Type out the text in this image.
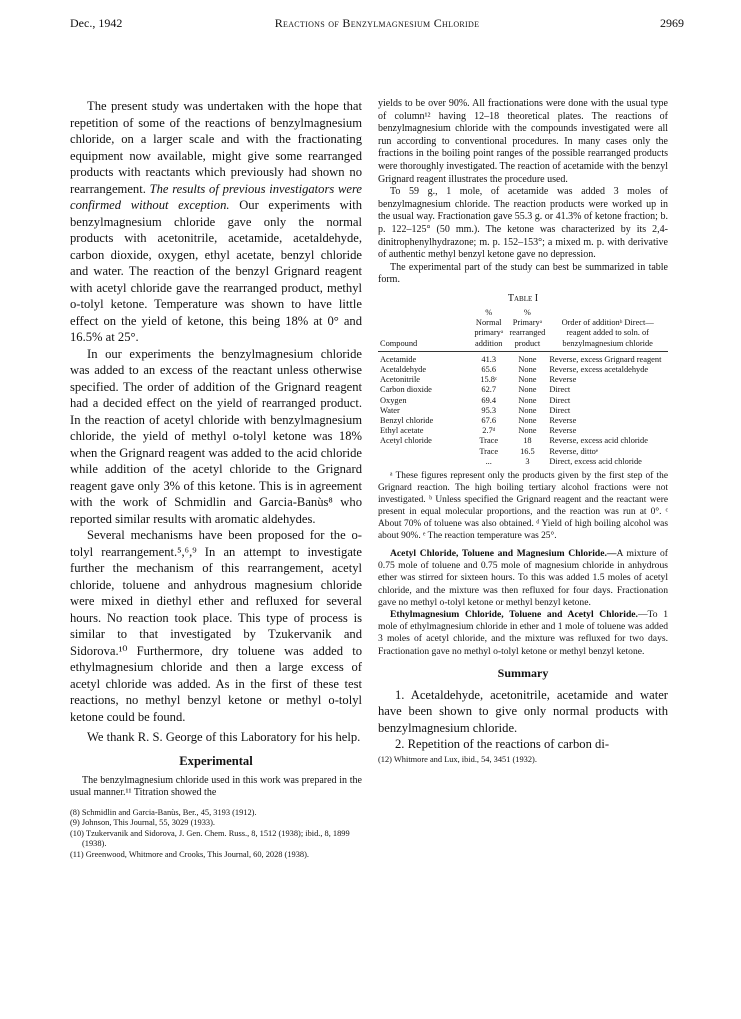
Dec., 1942	Reactions of Benzylmagnesium Chloride	2969

The present study was undertaken with the hope that repetition of some of the reactions of benzylmagnesium chloride, on a larger scale and with the fractionating equipment now available, might give some rearranged products with reactants which previously had shown no rearrangement. The results of previous investigators were confirmed without exception. Our experiments with benzylmagnesium chloride gave only the normal products with acetonitrile, acetamide, acetaldehyde, carbon dioxide, oxygen, ethyl acetate, benzyl chloride and water. The reaction of the benzyl Grignard reagent with acetyl chloride gave the rearranged product, methyl o-tolyl ketone. Temperature was shown to have little effect on the yield of ketone, this being 18% at 0° and 16.5% at 25°.

In our experiments the benzylmagnesium chloride was added to an excess of the reactant unless otherwise specified. The order of addition of the Grignard reagent had a decided effect on the yield of rearranged product. In the reaction of acetyl chloride with benzylmagnesium chloride, the yield of methyl o-tolyl ketone was 18% when the Grignard reagent was added to the acid chloride while addition of the acetyl chloride to the Grignard reagent gave only 3% of this ketone. This is in agreement with the work of Schmidlin and Garcia-Banùs⁸ who reported similar results with aromatic aldehydes.

Several mechanisms have been proposed for the o-tolyl rearrangement.⁵,⁶,⁹ In an attempt to investigate further the mechanism of this rearrangement, acetyl chloride, toluene and anhydrous magnesium chloride were mixed in diethyl ether and refluxed for several hours. No reaction took place. This type of process is similar to that investigated by Tzukervanik and Sidorova.¹⁰ Furthermore, dry toluene was added to ethylmagnesium chloride and then a large excess of acetyl chloride was added. As in the first of these test reactions, no methyl benzyl ketone or methyl o-tolyl ketone could be found.

We thank R. S. George of this Laboratory for his help.

Experimental

The benzylmagnesium chloride used in this work was prepared in the usual manner.¹¹ Titration showed the

(8) Schmidlin and Garcia-Banùs, Ber., 45, 3193 (1912).
(9) Johnson, This Journal, 55, 3029 (1933).
(10) Tzukervanik and Sidorova, J. Gen. Chem. Russ., 8, 1512 (1938); ibid., 8, 1899 (1938).
(11) Greenwood, Whitmore and Crooks, This Journal, 60, 2028 (1938).

yields to be over 90%. All fractionations were done with the usual type of column¹² having 12–18 theoretical plates. The reactions of benzylmagnesium chloride with the compounds investigated were all run according to conventional procedures. In many cases only the fractions in the boiling point ranges of the possible rearranged products were thoroughly investigated. The reaction of acetamide with the benzyl Grignard reagent illustrates the procedure used.

To 59 g., 1 mole, of acetamide was added 3 moles of benzylmagnesium chloride. The reaction products were worked up in the usual way. Fractionation gave 55.3 g. or 41.3% of ketone fraction; b. p. 122–125° (50 mm.). The ketone was characterized by its 2,4-dinitrophenylhydrazone; m. p. 152–153°; a mixed m. p. with derivative of authentic methyl benzyl ketone gave no depression.

The experimental part of the study can best be summarized in table form.

Table I
Compound	% Normal primaryᵃ addition	% Primaryᵃ rearranged product	Order of additionᵇ Direct—reagent added to soln. of benzylmagnesium chloride
Acetamide	41.3	None	Reverse, excess Grignard reagent
Acetaldehyde	65.6	None	Reverse, excess acetaldehyde
Acetonitrile	15.8ᶜ	None	Reverse
Carbon dioxide	62.7	None	Direct
Oxygen	69.4	None	Direct
Water	95.3	None	Direct
Benzyl chloride	67.6	None	Reverse
Ethyl acetate	2.7ᵈ	None	Reverse
Acetyl chloride	Trace	18	Reverse, excess acid chloride
	Trace	16.5	Reverse, dittoᵉ
	...	3	Direct, excess acid chloride

ᵃ These figures represent only the products given by the first step of the Grignard reaction. The high boiling tertiary alcohol fractions were not investigated. ᵇ Unless specified the Grignard reagent and the reactant were present in equal molecular proportions, and the reaction was run at 0°. ᶜ About 70% of toluene was also obtained. ᵈ Yield of high boiling alcohol was about 90%. ᵉ The reaction temperature was 25°.

Acetyl Chloride, Toluene and Magnesium Chloride.—A mixture of 0.75 mole of toluene and 0.75 mole of magnesium chloride in anhydrous ether was stirred for sixteen hours. To this was added 1.5 moles of acetyl chloride, and the mixture was then refluxed for four days. Fractionation gave no methyl o-tolyl ketone or methyl benzyl ketone.

Ethylmagnesium Chloride, Toluene and Acetyl Chloride.—To 1 mole of ethylmagnesium chloride in ether and 1 mole of toluene was added 3 moles of acetyl chloride, and the mixture was refluxed for two days. Fractionation gave no methyl o-tolyl ketone or methyl benzyl ketone.

Summary

1. Acetaldehyde, acetonitrile, acetamide and water have been shown to give only normal products with benzylmagnesium chloride.

2. Repetition of the reactions of carbon di-

(12) Whitmore and Lux, ibid., 54, 3451 (1932).
